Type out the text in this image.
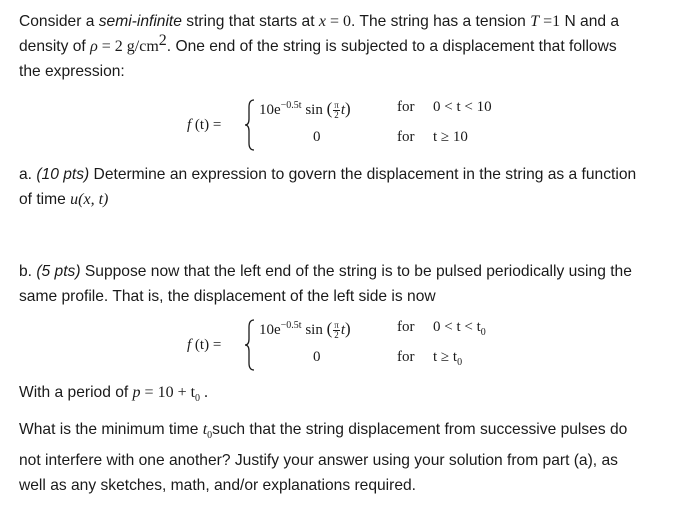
Consider a semi-infinite string that starts at x = 0. The string has a tension T =1 N and a
density of ρ = 2 $g/cm^2$. One end of the string is subjected to a displacement that follows
the expression:
f (t) =
$10e^{-0.5t}$ sin ( $\frac{\pi}{2} t$)	for 0 < t < 10
0	for t ≥ 10
a. (10 pts) Determine an expression to govern the displacement in the string as a function
of time u(x, t)
b. (5 pts) Suppose now that the left end of the string is to be pulsed periodically using the
same profile. That is, the displacement of the left side is now
f (t) =
$10e^{-0.5t}$ sin ( $\frac{\pi}{2} t$)	for $0 < t < t_0$
0	for $t \ge t_0$
With a period of $p = 10 + t_0$ .
What is the minimum time $t_0such$ that the string displacement from successive pulses do
not interfere with one another? Justify your answer using your solution from part (a), as
well as any sketches, math, and/or explanations required.
